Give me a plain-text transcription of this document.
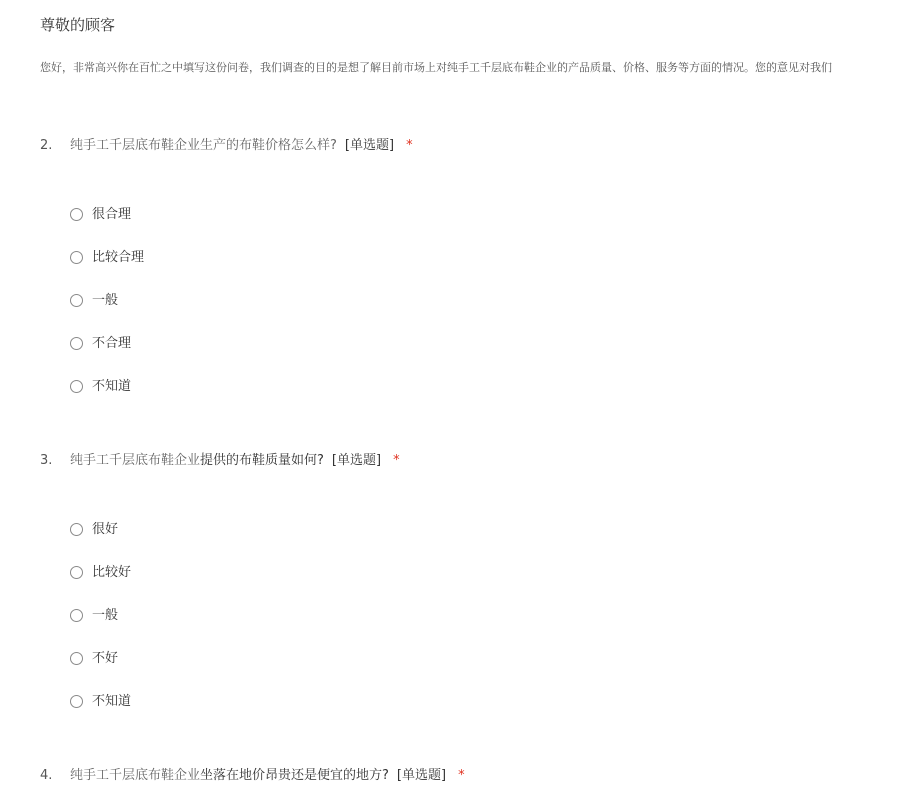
尊敬的顾客
您好，非常高兴你在百忙之中填写这份问卷，我们调查的目的是想了解目前市场上对纯手工千层底布鞋企业的产品质量、价格、服务等方面的情况。您的意见对我们
2. 纯手工千层底布鞋企业生产的布鞋价格怎么样? [单选题] *
很合理
比较合理
一般
不合理
不知道
3. 纯手工千层底布鞋企业提供的布鞋质量如何? [单选题] *
很好
比较好
一般
不好
不知道
4. 纯手工千层底布鞋企业坐落在地价昂贵还是便宜的地方? [单选题] *
